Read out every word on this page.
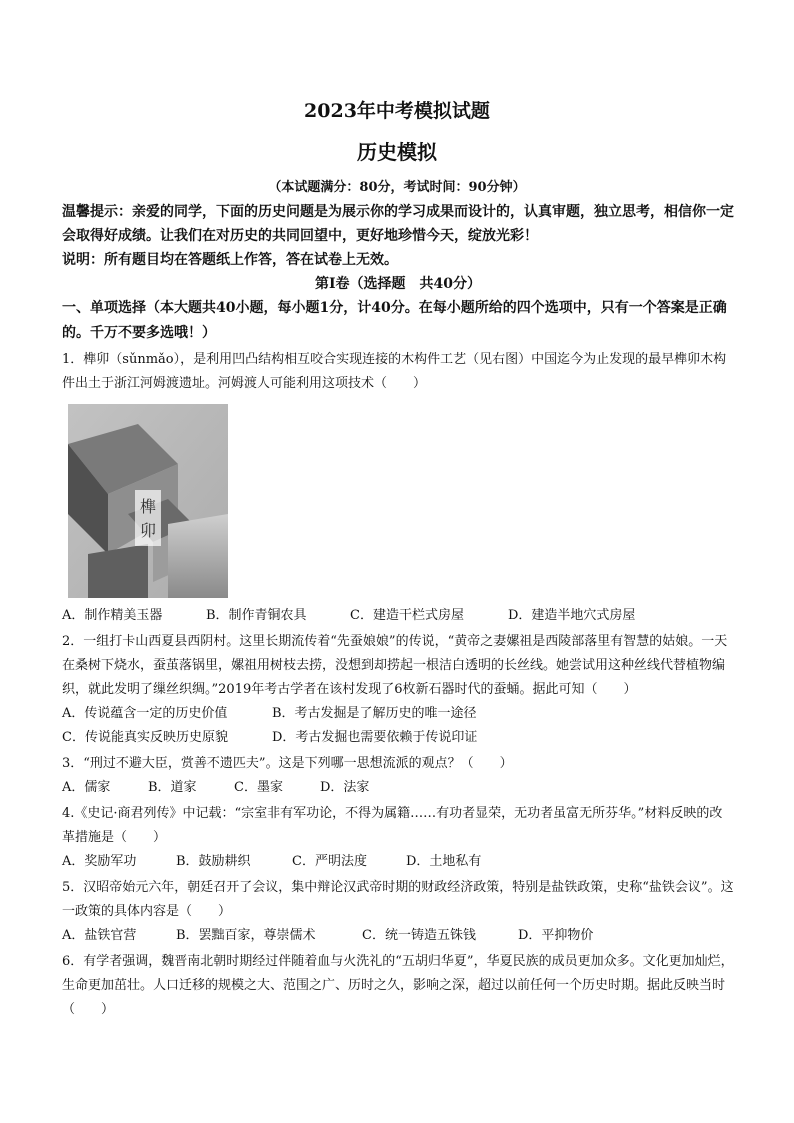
2023年中考模拟试题
历史模拟
（本试题满分：80分，考试时间：90分钟）
温馨提示：亲爱的同学，下面的历史问题是为展示你的学习成果而设计的，认真审题，独立思考，相信你一定会取得好成绩。让我们在对历史的共同回望中，更好地珍惜今天，绽放光彩！
说明：所有题目均在答题纸上作答，答在试卷上无效。
第Ⅰ卷（选择题　共40分）
一、单项选择（本大题共40小题，每小题1分，计40分。在每小题所给的四个选项中，只有一个答案是正确的。千万不要多选哦！）
1．榫卯（sǔnmǎo），是利用凹凸结构相互咬合实现连接的木构件工艺（见右图）中国迄今为止发现的最早榫卯木构件出土于浙江河姆渡遗址。河姆渡人可能利用这项技术（　　）
榫
卯
A．制作精美玉器	B．制作青铜农具	C．建造干栏式房屋	D．建造半地穴式房屋
2．一组打卡山西夏县西阴村。这里长期流传着“先蚕娘娘”的传说，“黄帝之妻嫘祖是西陵部落里有智慧的姑娘。一天在桑树下烧水，蚕茧落锅里，嫘祖用树枝去捞，没想到却捞起一根洁白透明的长丝线。她尝试用这种丝线代替植物编织，就此发明了缫丝织绸。”2019年考古学者在该村发现了6枚新石器时代的蚕蛹。据此可知（　　）
A．传说蕴含一定的历史价值	B．考古发掘是了解历史的唯一途径
C．传说能真实反映历史原貌	D．考古发掘也需要依赖于传说印证
3．“刑过不避大臣，赏善不遗匹夫”。这是下列哪一思想流派的观点？（　　）
A．儒家	B．道家	C．墨家	D．法家
4.《史记·商君列传》中记载：“宗室非有军功论，不得为属籍……有功者显荣，无功者虽富无所芬华。”材料反映的改革措施是（　　）
A．奖励军功	B．鼓励耕织	C．严明法度	D．土地私有
5．汉昭帝始元六年，朝廷召开了会议，集中辩论汉武帝时期的财政经济政策，特别是盐铁政策，史称“盐铁会议”。这一政策的具体内容是（　　）
A．盐铁官营	B．罢黜百家，尊崇儒术	C．统一铸造五铢钱	D．平抑物价
6．有学者强调，魏晋南北朝时期经过伴随着血与火洗礼的“五胡归华夏”，华夏民族的成员更加众多。文化更加灿烂，生命更加茁壮。人口迁移的规模之大、范围之广、历时之久，影响之深，超过以前任何一个历史时期。据此反映当时（　　）
